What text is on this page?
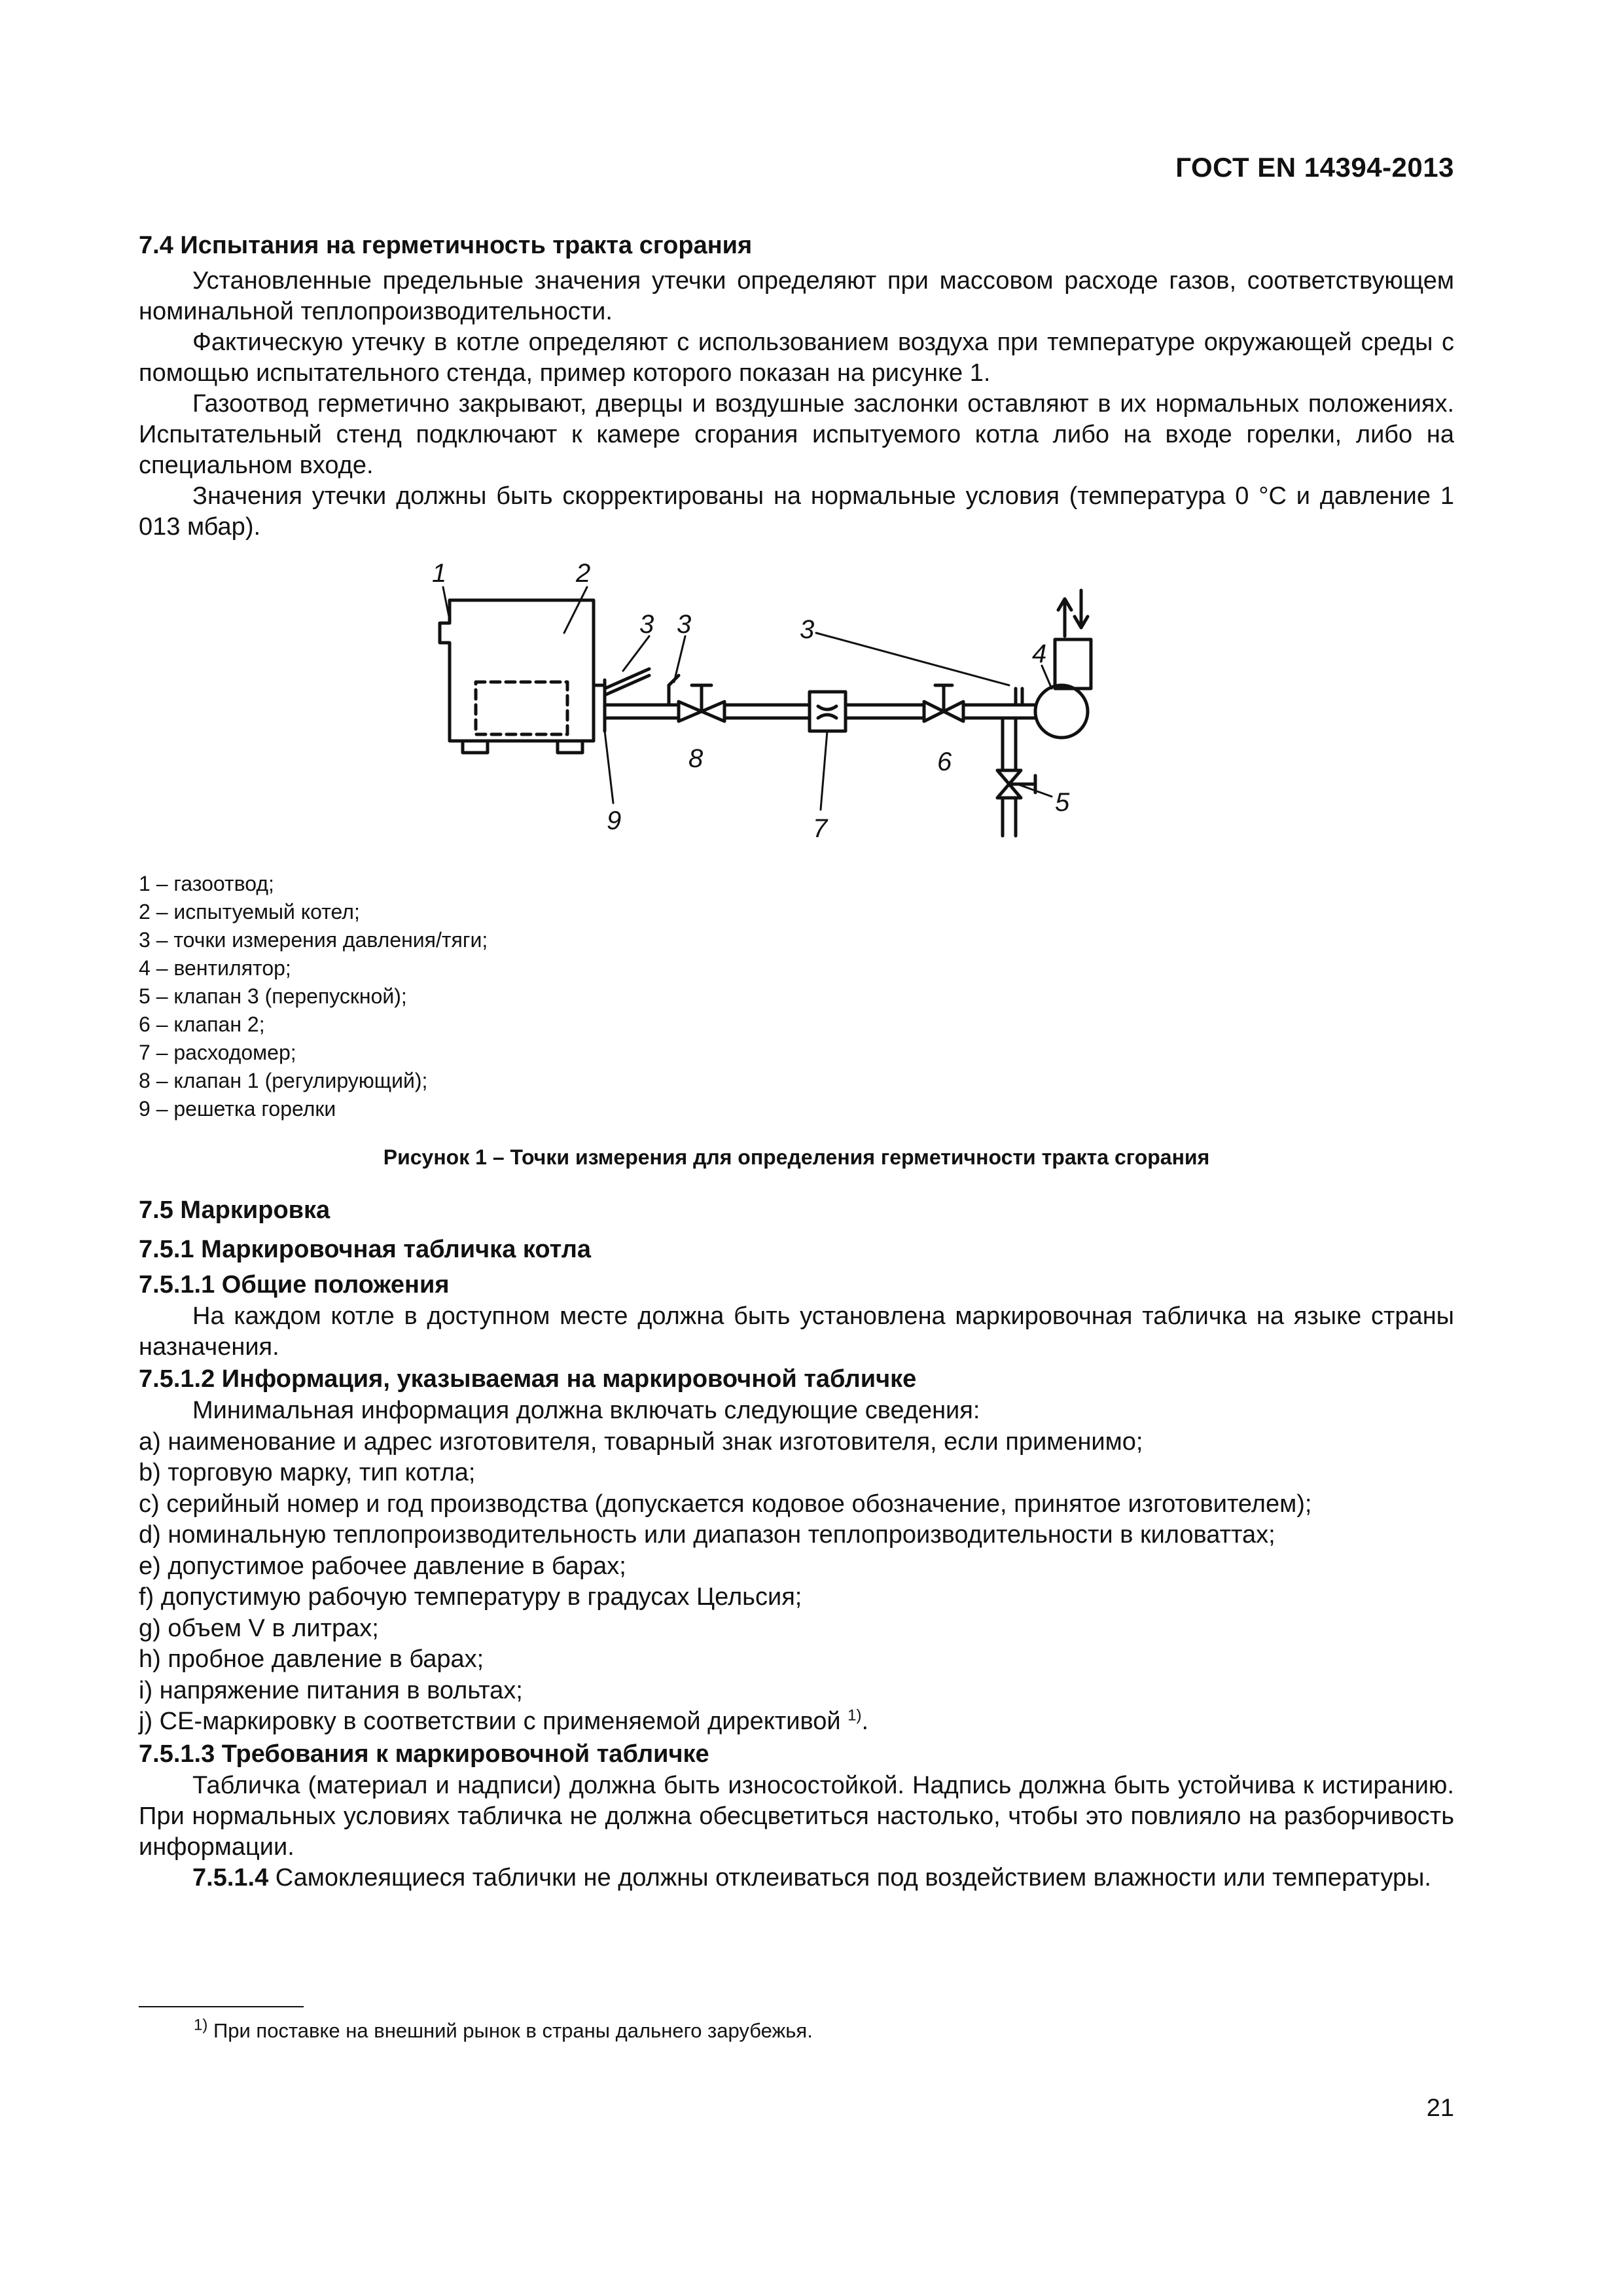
ГОСТ EN 14394-2013

7.4 Испытания на герметичность тракта сгорания

Установленные предельные значения утечки определяют при массовом расходе газов, соответствующем номинальной теплопроизводительности.

Фактическую утечку в котле определяют с использованием воздуха при температуре окружающей среды с помощью испытательного стенда, пример которого показан на рисунке 1.

Газоотвод герметично закрывают, дверцы и воздушные заслонки оставляют в их нормальных положениях. Испытательный стенд подключают к камере сгорания испытуемого котла либо на входе горелки, либо на специальном входе.

Значения утечки должны быть скорректированы на нормальные условия (температура 0 °С и давление 1 013 мбар).

1	2
3 3	3
4
5
6
7
8
9
1 – газоотвод;
2 – испытуемый котел;
3 – точки измерения давления/тяги;
4 – вентилятор;
5 – клапан 3 (перепускной);
6 – клапан 2;
7 – расходомер;
8 – клапан 1 (регулирующий);
9 – решетка горелки
Рисунок 1 – Точки измерения для определения герметичности тракта сгорания

7.5 Маркировка

7.5.1 Маркировочная табличка котла

7.5.1.1 Общие положения

На каждом котле в доступном месте должна быть установлена маркировочная табличка на языке страны назначения.

7.5.1.2 Информация, указываемая на маркировочной табличке

Минимальная информация должна включать следующие сведения:
a) наименование и адрес изготовителя, товарный знак изготовителя, если применимо;
b) торговую марку, тип котла;
c) серийный номер и год производства (допускается кодовое обозначение, принятое изготовителем);
d) номинальную теплопроизводительность или диапазон теплопроизводительности в киловаттах;
e) допустимое рабочее давление в барах;
f) допустимую рабочую температуру в градусах Цельсия;
g) объем V в литрах;
h) пробное давление в барах;
i) напряжение питания в вольтах;
j) CE-маркировку в соответствии с применяемой директивой $^{1)}$.

7.5.1.3 Требования к маркировочной табличке

Табличка (материал и надписи) должна быть износостойкой. Надпись должна быть устойчива к истиранию. При нормальных условиях табличка не должна обесцветиться настолько, чтобы это повлияло на разборчивость информации.

7.5.1.4 Самоклеящиеся таблички не должны отклеиваться под воздействием влажности или температуры.

$^{1)}$ При поставке на внешний рынок в страны дальнего зарубежья.
21
